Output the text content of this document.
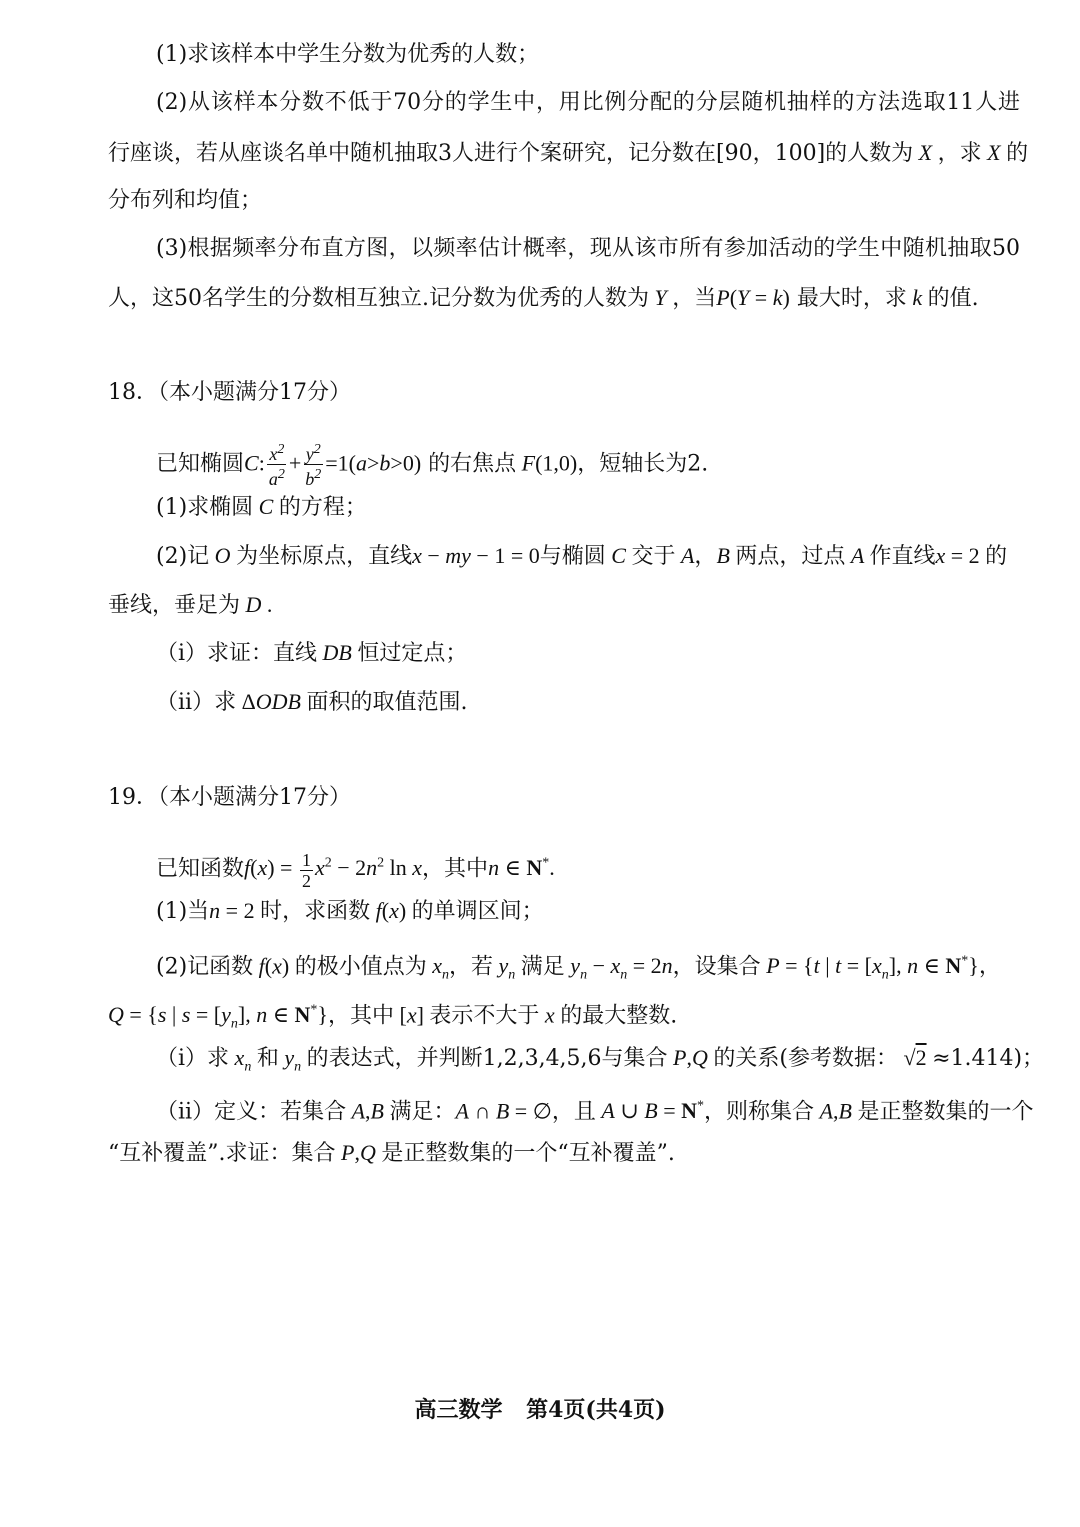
(1)求该样本中学生分数为优秀的人数；
(2)从该样本分数不低于70分的学生中，用比例分配的分层随机抽样的方法选取11人进
行座谈，若从座谈名单中随机抽取3人进行个案研究，记分数在[90，100]的人数为 X ，求 X 的
分布列和均值；
(3)根据频率分布直方图，以频率估计概率，现从该市所有参加活动的学生中随机抽取50
人，这50名学生的分数相互独立.记分数为优秀的人数为 Y ，当P(Y = k) 最大时，求 k 的值.
18．（本小题满分17分）
已知椭圆C: $\frac{x^2}{a^2} + \frac{y^2}{b^2} =1(a>b>0)$ 的右焦点 F(1,0)，短轴长为2.
(1)求椭圆 C 的方程；
(2)记 O 为坐标原点，直线x − my − 1 = 0与椭圆 C 交于 A，B 两点，过点 A 作直线x = 2 的
垂线，垂足为 D .
（ⅰ）求证：直线 DB 恒过定点；
（ⅱ）求 ΔODB 面积的取值范围.
19．（本小题满分17分）
已知函数$f(x) = \frac{1}{2} x^2 - 2n^2$ ln x，其中n ∈ N*.
(1)当n = 2 时，求函数 f(x) 的单调区间；
(2)记函数 f(x) 的极小值点为 $x_n$，若 $y_n$ 满足 $y_n - x_n = 2n$，设集合 P = {t | $t = [x_n]$, n ∈ N*}，
Q = {s | $s = [y_n]$, n ∈ N*}，其中 [x] 表示不大于 x 的最大整数.
（ⅰ）求 $x_n$ 和 $y_n$ 的表达式，并判断1,2,3,4,5,6与集合 P,Q 的关系(参考数据： √2 ≈1.414)；
（ⅱ）定义：若集合 A,B 满足：A ∩ B = ∅，且 A ∪ B = N*，则称集合 A,B 是正整数集的一个
“互补覆盖”.求证：集合 P,Q 是正整数集的一个“互补覆盖”.
高三数学 第4页(共4页)
